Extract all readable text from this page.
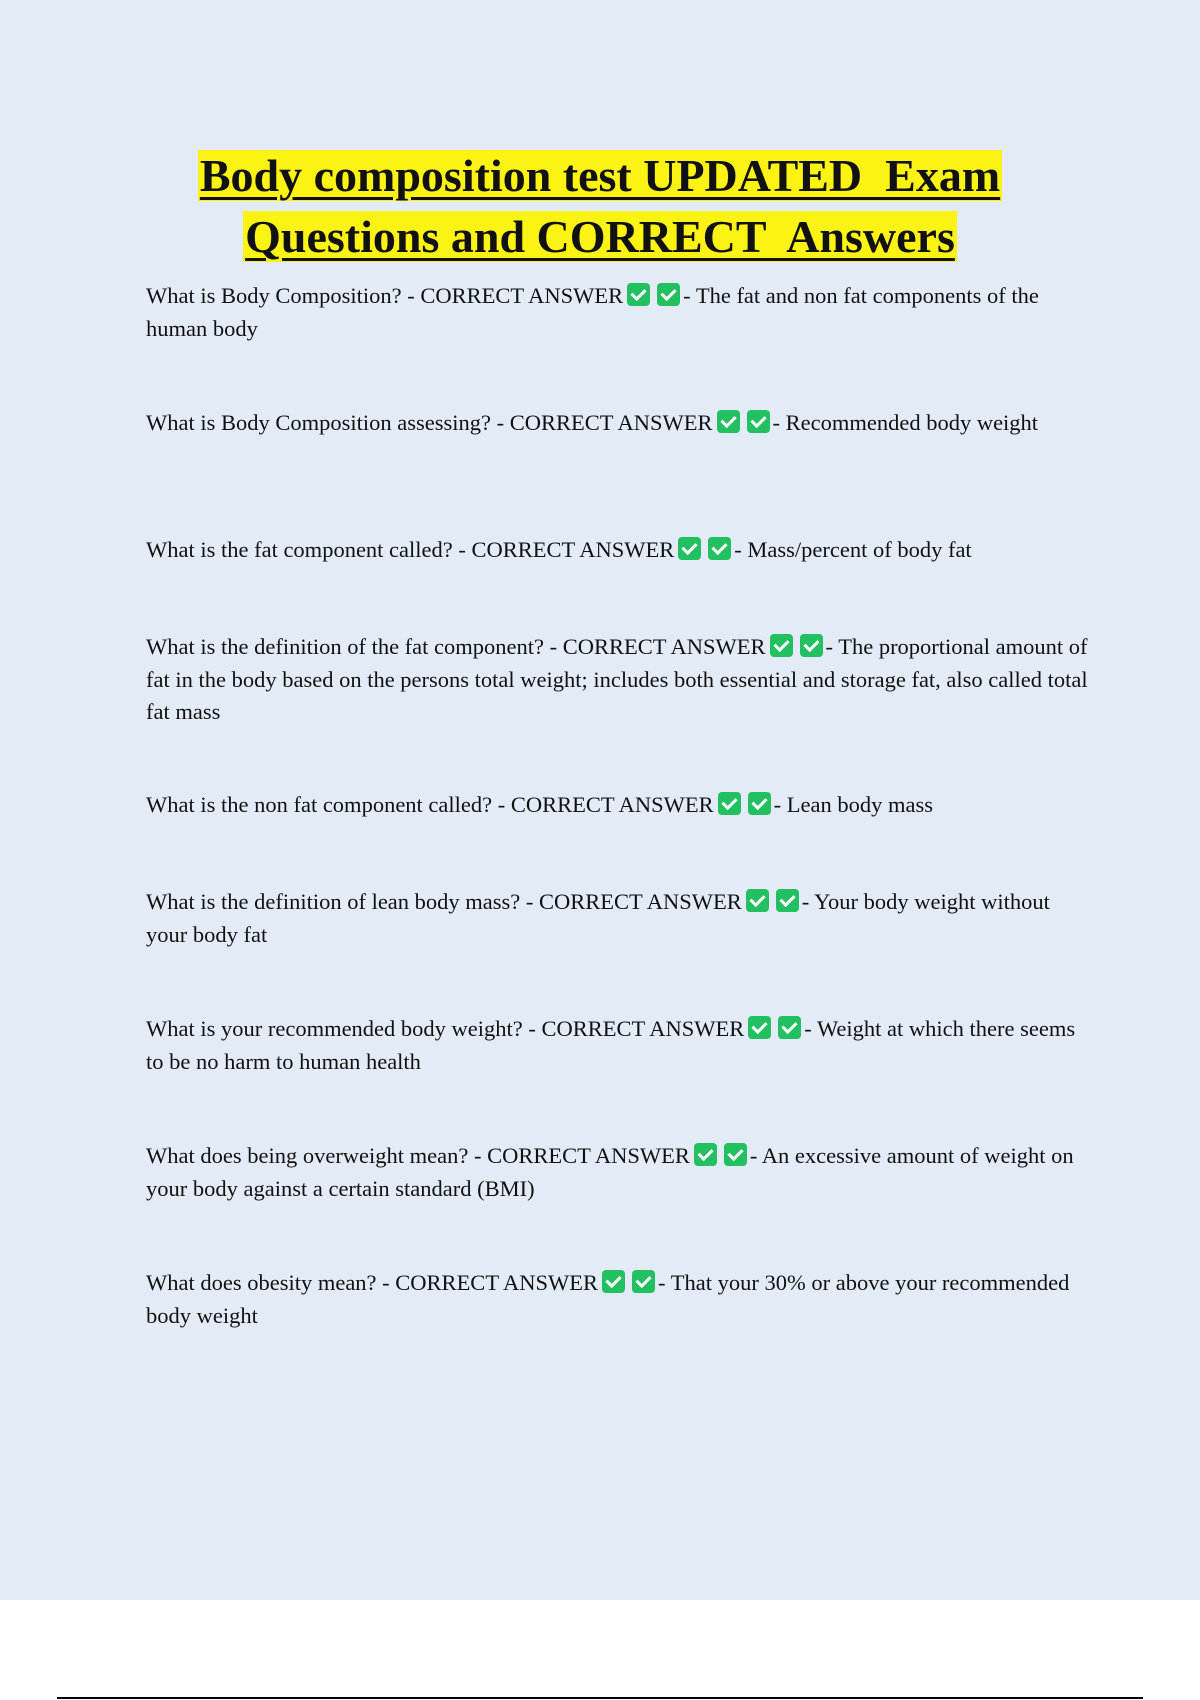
Body composition test UPDATED  Exam
Questions and CORRECT  Answers
What is Body Composition? - CORRECT ANSWER	- The fat and non fat components of the human body
What is Body Composition assessing? - CORRECT ANSWER	- Recommended body weight
What is the fat component called? - CORRECT ANSWER	- Mass/percent of body fat
What is the definition of the fat component? - CORRECT ANSWER	- The proportional amount of fat in the body based on the persons total weight; includes both essential and storage fat, also called total fat mass
What is the non fat component called? - CORRECT ANSWER	- Lean body mass
What is the definition of lean body mass? - CORRECT ANSWER	- Your body weight without your body fat
What is your recommended body weight? - CORRECT ANSWER	- Weight at which there seems to be no harm to human health
What does being overweight mean? - CORRECT ANSWER	- An excessive amount of weight on your body against a certain standard (BMI)
What does obesity mean? - CORRECT ANSWER	- That your 30% or above your recommended body weight
